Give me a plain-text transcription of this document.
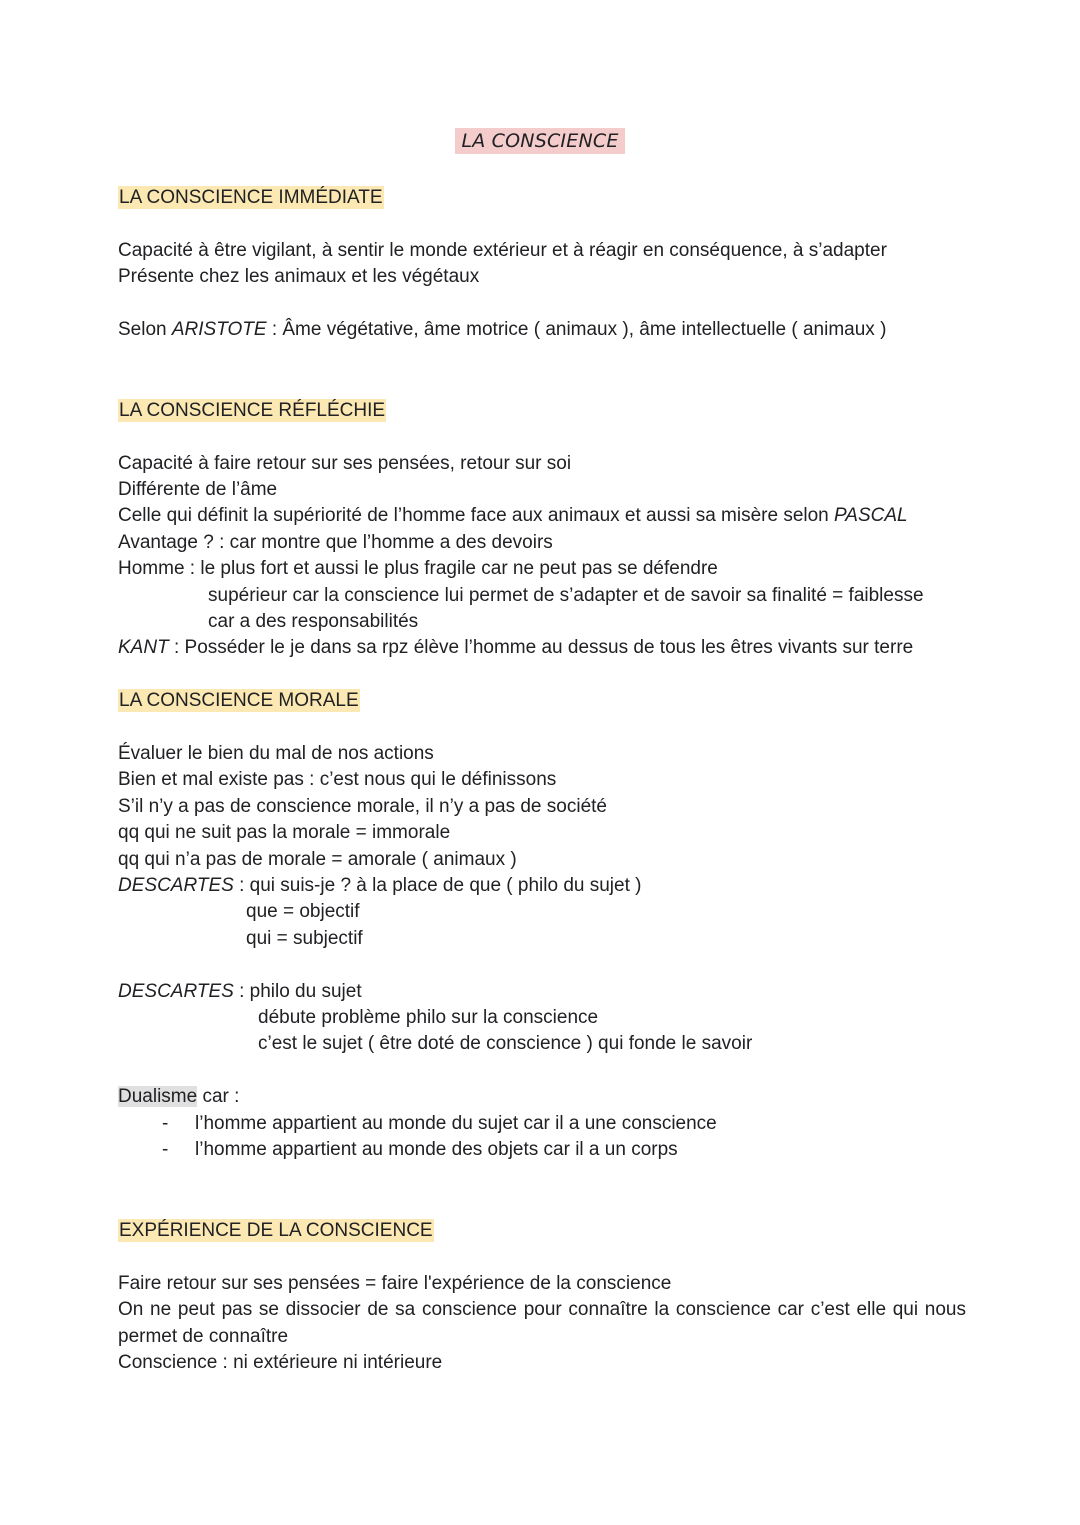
LA CONSCIENCE

LA CONSCIENCE IMMÉDIATE

Capacité à être vigilant, à sentir le monde extérieur et à réagir en conséquence, à s’adapter

Présente chez les animaux et les végétaux

Selon ARISTOTE : Âme végétative, âme motrice ( animaux ), âme intellectuelle ( animaux )

LA CONSCIENCE RÉFLÉCHIE

Capacité à faire retour sur ses pensées, retour sur soi

Différente de l’âme

Celle qui définit la supériorité de l’homme face aux animaux et aussi sa misère selon PASCAL

Avantage ? : car montre que l’homme a des devoirs

Homme : le plus fort et aussi le plus fragile car ne peut pas se défendre

supérieur car la conscience lui permet de s’adapter et de savoir sa finalité = faiblesse

car a des responsabilités

KANT : Posséder le je dans sa rpz élève l’homme au dessus de tous les êtres vivants sur terre

LA CONSCIENCE MORALE

Évaluer le bien du mal de nos actions

Bien et mal existe pas : c’est nous qui le définissons

S’il n’y a pas de conscience morale, il n’y a pas de société

qq qui ne suit pas la morale = immorale

qq qui n’a pas de morale = amorale ( animaux )

DESCARTES : qui suis-je ? à la place de que ( philo du sujet )

que = objectif

qui = subjectif

DESCARTES : philo du sujet

débute problème philo sur la conscience

c’est le sujet ( être doté de conscience ) qui fonde le savoir

Dualisme car :

- l’homme appartient au monde du sujet car il a une conscience

- l’homme appartient au monde des objets car il a un corps

EXPÉRIENCE DE LA CONSCIENCE

Faire retour sur ses pensées = faire l'expérience de la conscience

On ne peut pas se dissocier de sa conscience pour connaître la conscience car c’est elle qui nous permet de connaître

Conscience : ni extérieure ni intérieure
